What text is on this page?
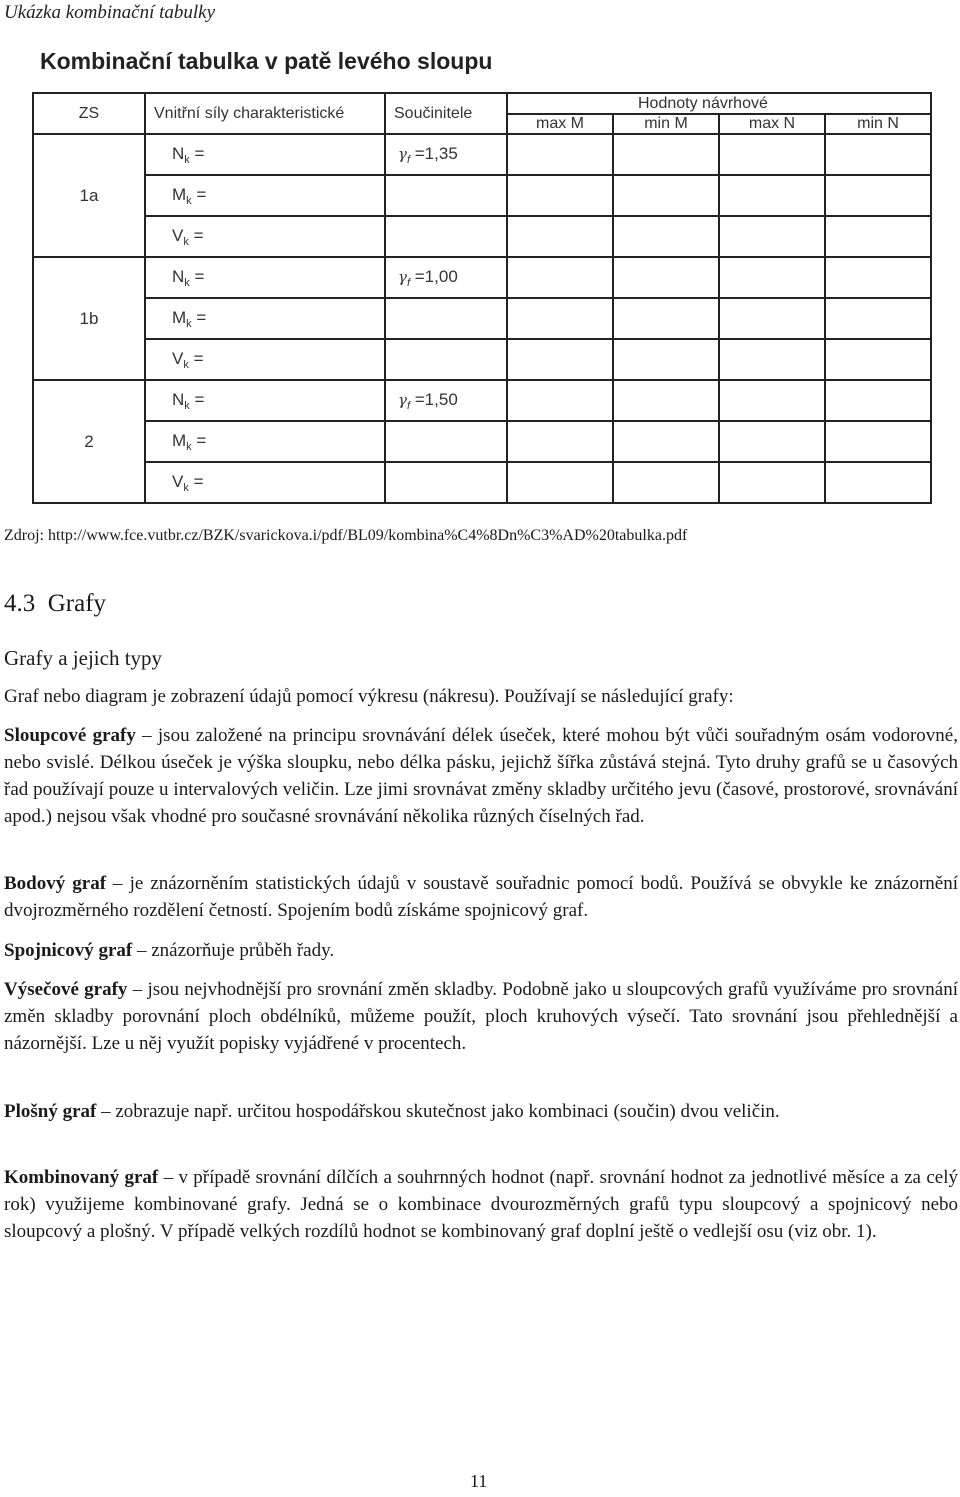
Ukázka kombinační tabulky
Kombinační tabulka v patě levého sloupu
ZS	Vnitřní síly charakteristické	Součinitele	Hodnoty návrhové			
			max M	min M	max N	min N
1a	$N_k$ =	$\gamma_f =1,35$				
	$M_k$ =					
	$V_k$ =					
1b	$N_k$ =	$\gamma_f =1,00$				
	$M_k$ =					
	$V_k$ =					
2	$N_k$ =	$\gamma_f =1,50$				
	$M_k$ =					
	$V_k$ =					
Zdroj: http://www.fce.vutbr.cz/BZK/svarickova.i/pdf/BL09/kombina%C4%8Dn%C3%AD%20tabulka.pdf
4.3 Grafy
Grafy a jejich typy

Graf nebo diagram je zobrazení údajů pomocí výkresu (nákresu). Používají se následující grafy:

Sloupcové grafy – jsou založené na principu srovnávání délek úseček, které mohou být vůči souřadným osám vodorovné, nebo svislé. Délkou úseček je výška sloupku, nebo délka pásku, jejichž šířka zůstává stejná. Tyto druhy grafů se u časových řad používají pouze u intervalových veličin. Lze jimi srovnávat změny skladby určitého jevu (časové, prostorové, srovnávání apod.) nejsou však vhodné pro současné srovnávání několika různých číselných řad.

Bodový graf – je znázorněním statistických údajů v soustavě souřadnic pomocí bodů. Používá se obvykle ke znázornění dvojrozměrného rozdělení četností. Spojením bodů získáme spojnicový graf.

Spojnicový graf – znázorňuje průběh řady.

Výsečové grafy – jsou nejvhodnější pro srovnání změn skladby. Podobně jako u sloupcových grafů využíváme pro srovnání změn skladby porovnání ploch obdélníků, můžeme použít, ploch kruhových výsečí. Tato srovnání jsou přehlednější a názornější. Lze u něj využít popisky vyjádřené v procentech.

Plošný graf – zobrazuje např. určitou hospodářskou skutečnost jako kombinaci (součin) dvou veličin.

Kombinovaný graf – v případě srovnání dílčích a souhrnných hodnot (např. srovnání hodnot za jednotlivé měsíce a za celý rok) využijeme kombinované grafy. Jedná se o kombinace dvourozměrných grafů typu sloupcový a spojnicový nebo sloupcový a plošný. V případě velkých rozdílů hodnot se kombinovaný graf doplní ještě o vedlejší osu (viz obr. 1).

11
